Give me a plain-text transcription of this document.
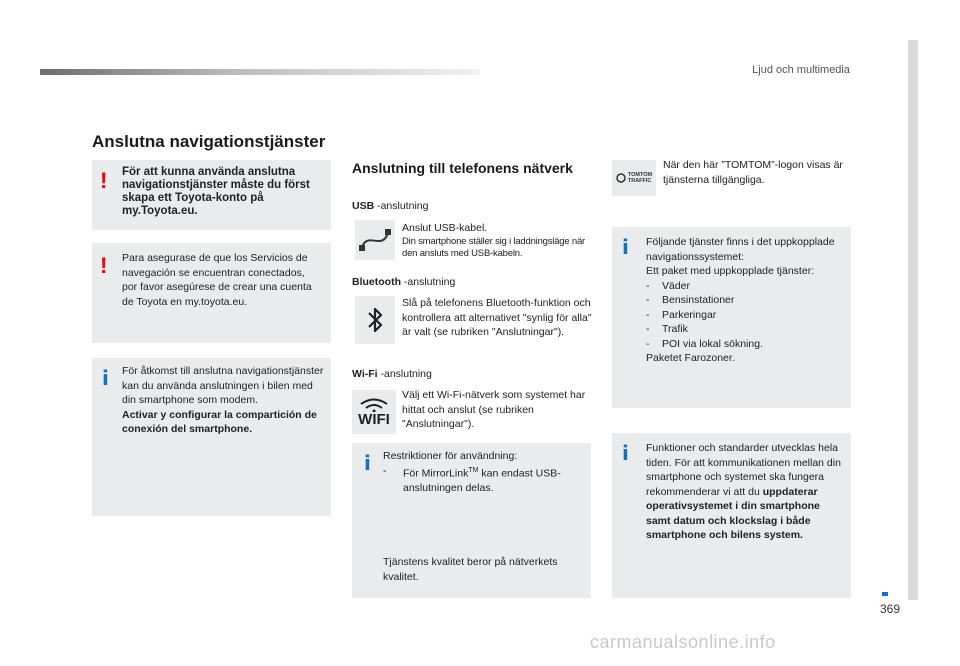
Ljud och multimedia
Anslutna navigationstjänster
! För att kunna använda anslutna navigationstjänster måste du först skapa ett Toyota-konto på my.Toyota.eu.
! Para asegurase de que los Servicios de navegación se encuentran conectados, por favor asegúrese de crear una cuenta de Toyota en my.toyota.eu.
i För åtkomst till anslutna navigationstjänster kan du använda anslutningen i bilen med din smartphone som modem.
Activar y configurar la compartición de conexión del smartphone.
Anslutning till telefonens nätverk
USB -anslutning
Anslut USB-kabel.
Din smartphone ställer sig i laddningsläge när den ansluts med USB-kabeln.
Bluetooth -anslutning
Slå på telefonens Bluetooth-funktion och kontrollera att alternativet "synlig för alla" är valt (se rubriken "Anslutningar").
Wi-Fi -anslutning
WIFI
Välj ett Wi-Fi-nätverk som systemet har hittat och anslut (se rubriken "Anslutningar").
i Restriktioner för användning:
-	För MirrorLink™ kan endast USB-anslutningen delas.
Tjänstens kvalitet beror på nätverkets kvalitet.
TOMTOM
TRAFFIC
När den här ”TOMTOM”-logon visas är tjänsterna tillgängliga.
i Följande tjänster finns i det uppkopplade navigationssystemet:
Ett paket med uppkopplade tjänster:
- Väder
- Bensinstationer
- Parkeringar
- Trafik
- POI via lokal sökning.
Paketet Farozoner.
i Funktioner och standarder utvecklas hela tiden. För att kommunikationen mellan din smartphone och systemet ska fungera rekommenderar vi att du uppdaterar operativsystemet i din smartphone samt datum och klockslag i både smartphone och bilens system.
369
carmanualsonline.info
